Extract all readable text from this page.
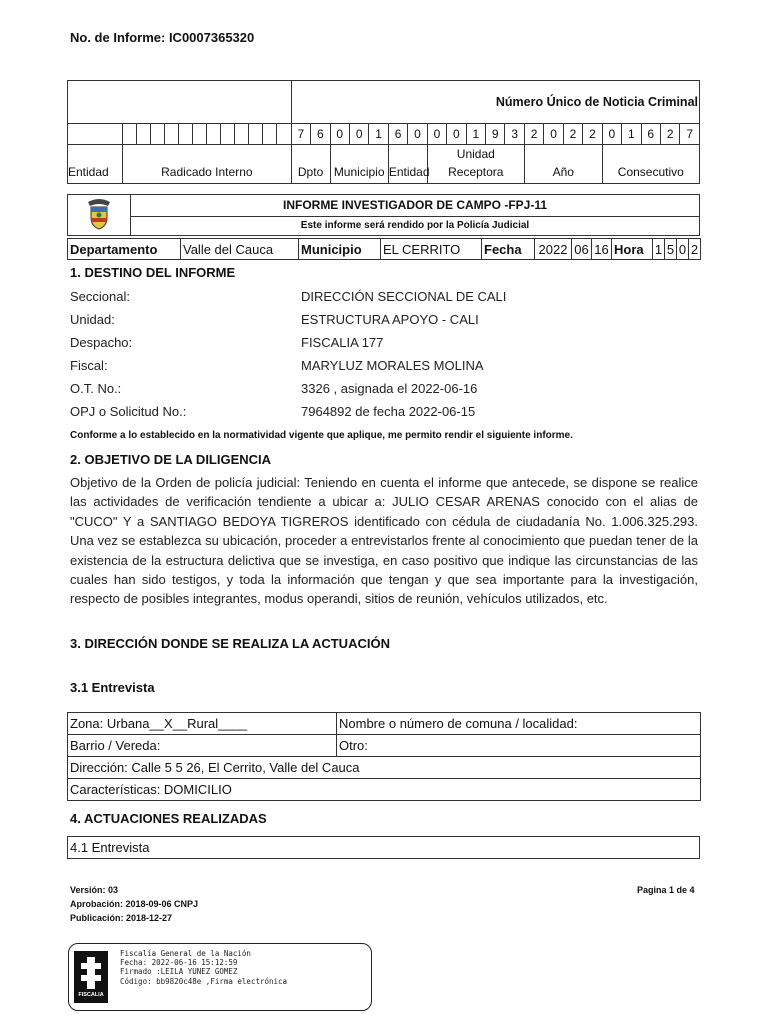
No. de Informe: IC0007365320
													Número Único de Noticia Criminal																				
													7	6	0	0	1	6	0	0	0	1	9	3	2	0	2	2	0	1	6	2	7
Entidad	Radicado Interno												Dpto		Municipio			Entidad		Unidad Receptora					Año				Consecutivo				
	INFORME INVESTIGADOR DE CAMPO -FPJ-11
Este informe será rendido por la Policía Judicial
Departamento	Valle del Cauca	Municipio	EL CERRITO	Fecha	2022	06	16	Hora	1	5	0	2
1. DESTINO DEL INFORME
Seccional:	DIRECCIÓN SECCIONAL DE CALI
Unidad:	ESTRUCTURA APOYO - CALI
Despacho:	FISCALIA 177
Fiscal:	MARYLUZ MORALES MOLINA
O.T. No.:	3326 , asignada el 2022-06-16
OPJ o Solicitud No.:	7964892 de fecha 2022-06-15
Conforme a lo establecido en la normatividad vigente que aplique, me permito rendir el siguiente informe.
2. OBJETIVO DE LA DILIGENCIA
Objetivo de la Orden de policía judicial: Teniendo en cuenta el informe que antecede, se dispone se realice las actividades de verificación tendiente a ubicar a: JULIO CESAR ARENAS conocido con el alias de "CUCO" Y a SANTIAGO BEDOYA TIGREROS identificado con cédula de ciudadanía No. 1.006.325.293. Una vez se establezca su ubicación, proceder a entrevistarlos frente al conocimiento que puedan tener de la existencia de la estructura delictiva que se investiga, en caso positivo que indique las circunstancias de las cuales han sido testigos, y toda la información que tengan y que sea importante para la investigación, respecto de posibles integrantes, modus operandi, sitios de reunión, vehículos utilizados, etc.
3. DIRECCIÓN DONDE SE REALIZA LA ACTUACIÓN
3.1 Entrevista
Zona: Urbana__X__Rural____	Nombre o número de comuna / localidad:
Barrio / Vereda:	Otro:
Dirección: Calle 5 5 26, El Cerrito, Valle del Cauca	
Características: DOMICILIO	
4. ACTUACIONES REALIZADAS
4.1 Entrevista
Versión: 03
Aprobación: 2018-09-06 CNPJ
Publicación: 2018-12-27
Pagina 1 de 4
FISCALIA
Fiscalía General de la Nación
Fecha: 2022-06-16 15:12:59
Firmado :LEILA YUNEZ GOMEZ
Código: bb9820c48e ,Firma electrónica
